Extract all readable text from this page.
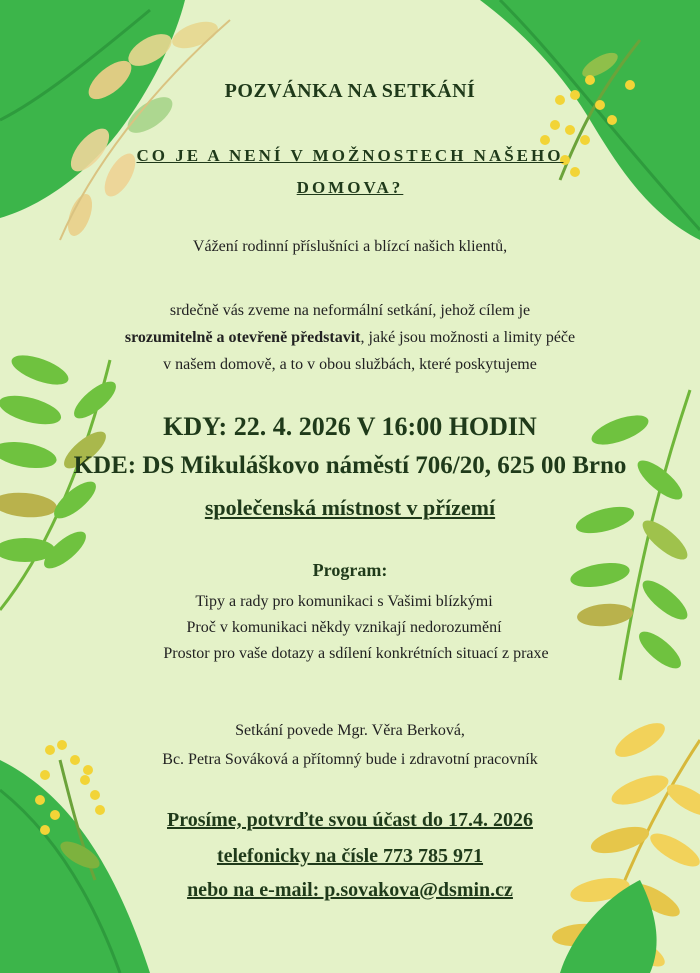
POZVÁNKA NA SETKÁNÍ

CO JE A NENÍ V MOŽNOSTECH NAŠEHO

DOMOVA?

Vážení rodinní příslušníci a blízcí našich klientů,

srdečně vás zveme na neformální setkání, jehož cílem je

srozumitelně a otevřeně představit, jaké jsou možnosti a limity péče

v našem domově, a to v obou službách, které poskytujeme

KDY: 22. 4. 2026 V 16:00 HODIN

KDE: DS Mikuláškovo náměstí 706/20, 625 00 Brno

společenská místnost v přízemí

Program:

Tipy a rady pro komunikaci s Vašimi blízkými

Proč v komunikaci někdy vznikají nedorozumění

Prostor pro vaše dotazy a sdílení konkrétních situací z praxe

Setkání povede Mgr. Věra Berková,

Bc. Petra Sováková a přítomný bude i zdravotní pracovník

Prosíme, potvrďte svou účast do 17.4. 2026

telefonicky na čísle 773 785 971

nebo na e-mail: p.sovakova@dsmin.cz
